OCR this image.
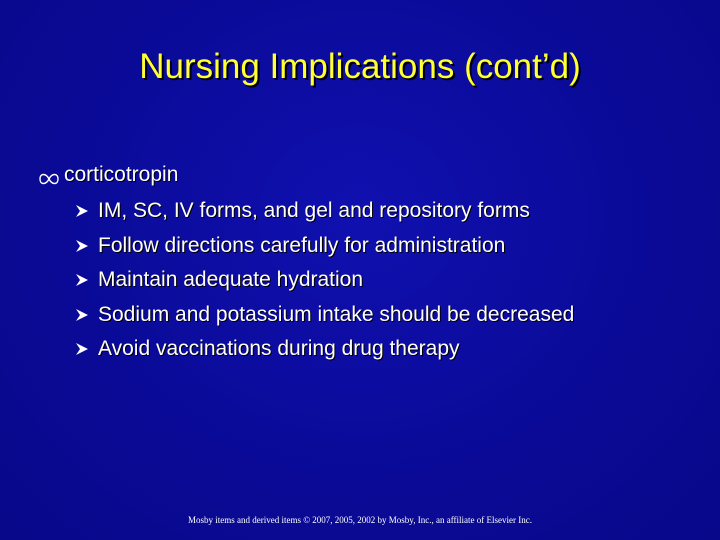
Nursing Implications (cont’d)
corticotropin
IM, SC, IV forms, and gel and repository forms
Follow directions carefully for administration
Maintain adequate hydration
Sodium and potassium intake should be decreased
Avoid vaccinations during drug therapy
Mosby items and derived items © 2007, 2005, 2002 by Mosby, Inc., an affiliate of Elsevier Inc.
